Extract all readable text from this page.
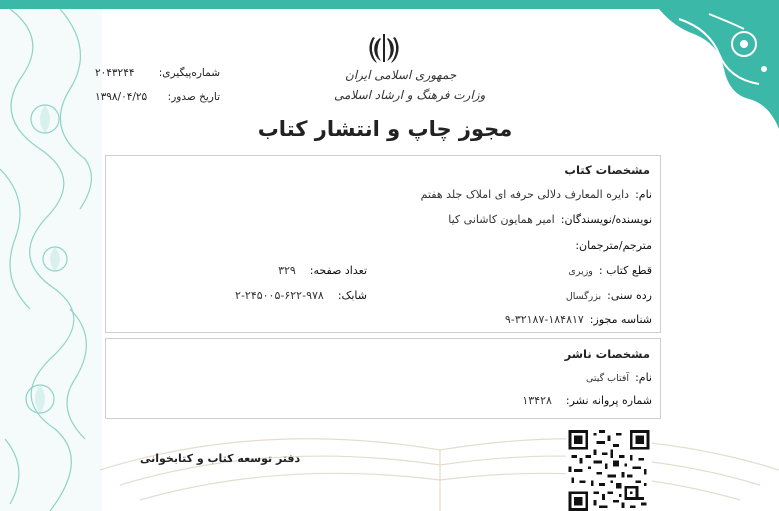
جمهوری اسلامی ایران
وزارت فرهنگ و ارشاد اسلامی
مجوز چاپ و انتشار کتاب
شماره‌پیگیری:
۲۰۴۳۲۴۴
تاریخ صدور:
۱۳۹۸/۰۴/۲۵
مشخصات کتاب
نام:دایره المعارف دلالی حرفه ای املاک جلد هفتم
نویسنده/نویسندگان:امیر همایون کاشانی کیا
مترجم/مترجمان:
قطع کتاب :وزیری
تعداد صفحه:۳۲۹
رده سنی:بزرگسال
شابک:۹۷۸-۶۲۲-۲۴۵۰۰۵-۲
شناسه مجوز:۱۸۴۸۱۷-۳۲۱۸۷-۹
مشخصات ناشر
نام:آفتاب گیتی
شماره پروانه نشر:۱۳۴۲۸
دفتر توسعه کتاب و کتابخوانی
